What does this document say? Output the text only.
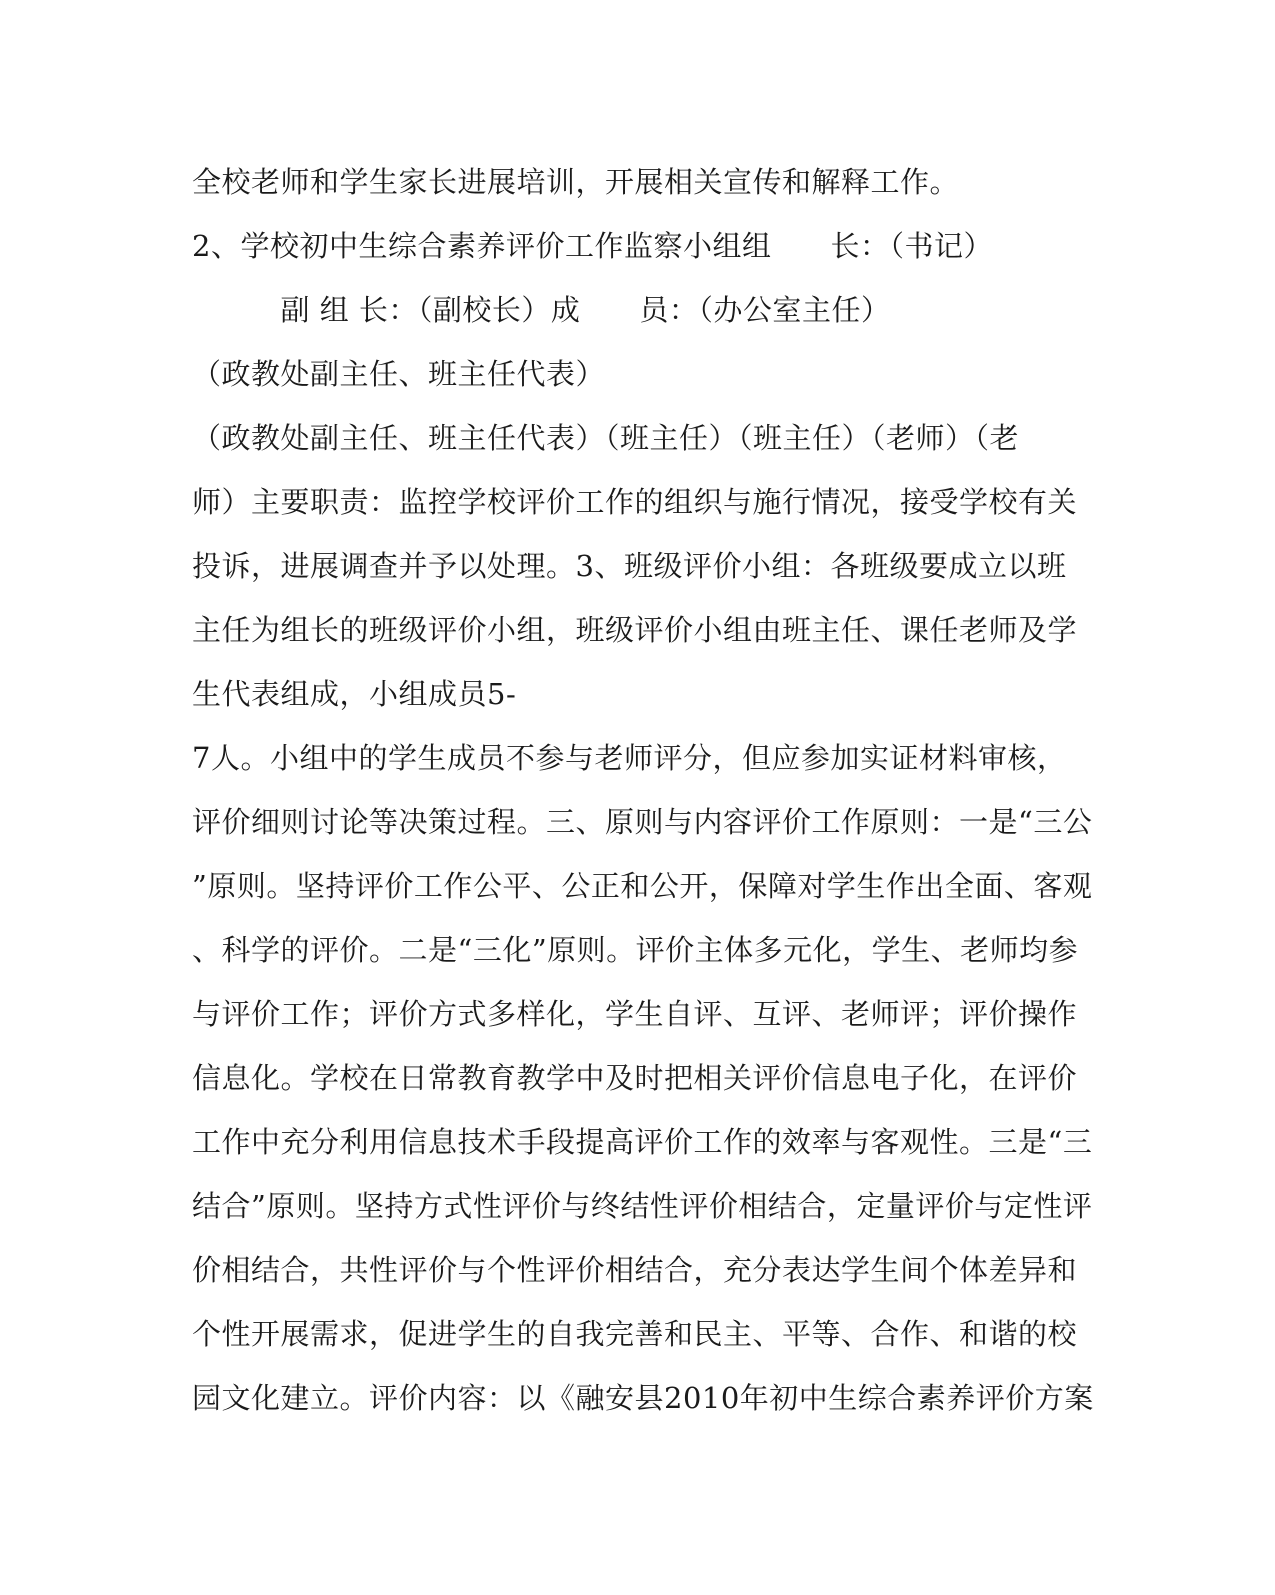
全校老师和学生家长进展培训，开展相关宣传和解释工作。
2、学校初中生综合素养评价工作监察小组组　　长：（书记）
　　　副 组 长：（副校长）成　　员：（办公室主任）
（政教处副主任、班主任代表）
（政教处副主任、班主任代表）（班主任）（班主任）（老师）（老
师）主要职责：监控学校评价工作的组织与施行情况，接受学校有关
投诉，进展调查并予以处理。3、班级评价小组：各班级要成立以班
主任为组长的班级评价小组，班级评价小组由班主任、课任老师及学
生代表组成，小组成员5-
7人。小组中的学生成员不参与老师评分，但应参加实证材料审核，
评价细则讨论等决策过程。三、原则与内容评价工作原则：一是“三公
”原则。坚持评价工作公平、公正和公开，保障对学生作出全面、客观
、科学的评价。二是“三化”原则。评价主体多元化，学生、老师均参
与评价工作；评价方式多样化，学生自评、互评、老师评；评价操作
信息化。学校在日常教育教学中及时把相关评价信息电子化，在评价
工作中充分利用信息技术手段提高评价工作的效率与客观性。三是“三
结合”原则。坚持方式性评价与终结性评价相结合，定量评价与定性评
价相结合，共性评价与个性评价相结合，充分表达学生间个体差异和
个性开展需求，促进学生的自我完善和民主、平等、合作、和谐的校
园文化建立。评价内容：以《融安县2010年初中生综合素养评价方案
